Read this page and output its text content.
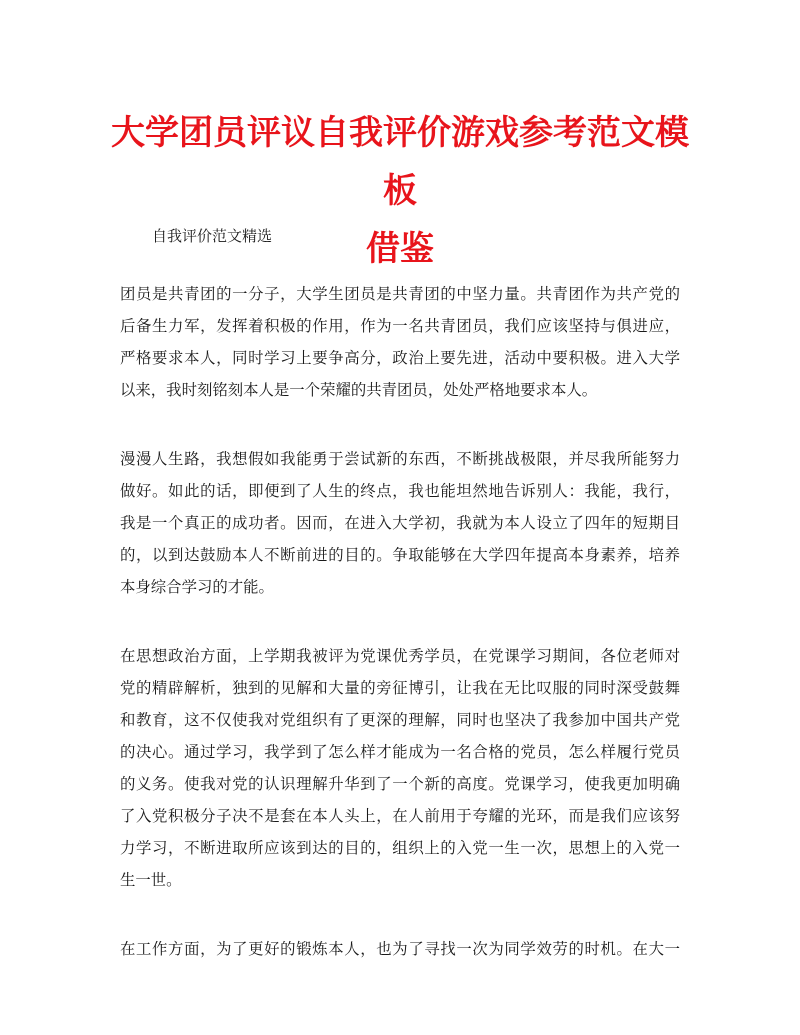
大学团员评议自我评价游戏参考范文模板
借鉴

自我评价范文精选

团员是共青团的一分子，大学生团员是共青团的中坚力量。共青团作为共产党的
后备生力军，发挥着积极的作用，作为一名共青团员，我们应该坚持与俱进应，
严格要求本人，同时学习上要争高分，政治上要先进，活动中要积极。进入大学
以来，我时刻铭刻本人是一个荣耀的共青团员，处处严格地要求本人。

漫漫人生路，我想假如我能勇于尝试新的东西，不断挑战极限，并尽我所能努力
做好。如此的话，即便到了人生的终点，我也能坦然地告诉别人：我能，我行，
我是一个真正的成功者。因而，在进入大学初，我就为本人设立了四年的短期目
的，以到达鼓励本人不断前进的目的。争取能够在大学四年提高本身素养，培养
本身综合学习的才能。

在思想政治方面，上学期我被评为党课优秀学员，在党课学习期间，各位老师对
党的精辟解析，独到的见解和大量的旁征博引，让我在无比叹服的同时深受鼓舞
和教育，这不仅使我对党组织有了更深的理解，同时也坚决了我参加中国共产党
的决心。通过学习，我学到了怎么样才能成为一名合格的党员，怎么样履行党员
的义务。使我对党的认识理解升华到了一个新的高度。党课学习，使我更加明确
了入党积极分子决不是套在本人头上，在人前用于夸耀的光环，而是我们应该努
力学习，不断进取所应该到达的目的，组织上的入党一生一次，思想上的入党一
生一世。

在工作方面，为了更好的锻炼本人，也为了寻找一次为同学效劳的时机。在大一
